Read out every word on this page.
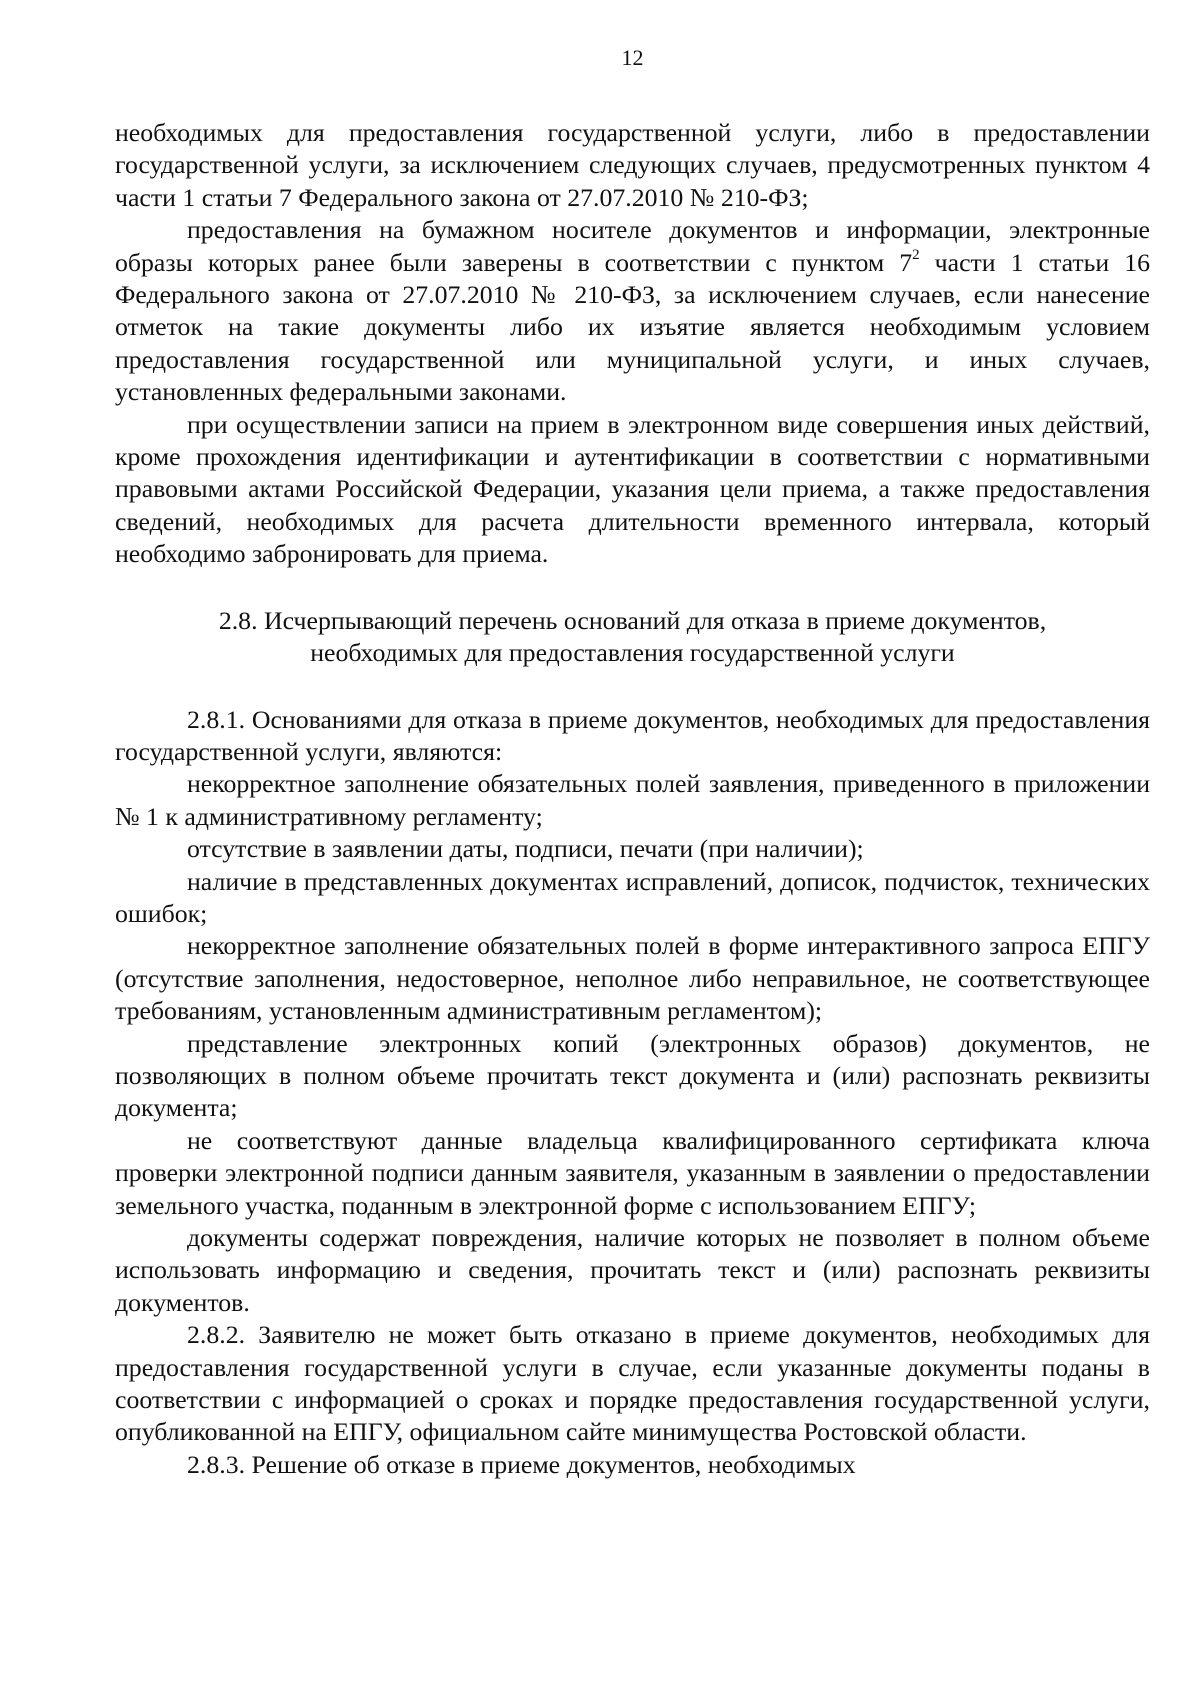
12

необходимых для предоставления государственной услуги, либо в предоставлении государственной услуги, за исключением следующих случаев, предусмотренных пунктом 4 части 1 статьи 7 Федерального закона от 27.07.2010 № 210-ФЗ;

предоставления на бумажном носителе документов и информации, электронные образы которых ранее были заверены в соответствии с пунктом $7^2$ части 1 статьи 16 Федерального закона от 27.07.2010 № 210-ФЗ, за исключением случаев, если нанесение отметок на такие документы либо их изъятие является необходимым условием предоставления государственной или муниципальной услуги, и иных случаев, установленных федеральными законами.

при осуществлении записи на прием в электронном виде совершения иных действий, кроме прохождения идентификации и аутентификации в соответствии с нормативными правовыми актами Российской Федерации, указания цели приема, а также предоставления сведений, необходимых для расчета длительности временного интервала, который необходимо забронировать для приема.

2.8. Исчерпывающий перечень оснований для отказа в приеме документов,

необходимых для предоставления государственной услуги

2.8.1. Основаниями для отказа в приеме документов, необходимых для предоставления государственной услуги, являются:

некорректное заполнение обязательных полей заявления, приведенного в приложении № 1 к административному регламенту;

отсутствие в заявлении даты, подписи, печати (при наличии);

наличие в представленных документах исправлений, дописок, подчисток, технических ошибок;

некорректное заполнение обязательных полей в форме интерактивного запроса ЕПГУ (отсутствие заполнения, недостоверное, неполное либо неправильное, не соответствующее требованиям, установленным административным регламентом);

представление электронных копий (электронных образов) документов, не позволяющих в полном объеме прочитать текст документа и (или) распознать реквизиты документа;

не соответствуют данные владельца квалифицированного сертификата ключа проверки электронной подписи данным заявителя, указанным в заявлении о предоставлении земельного участка, поданным в электронной форме с использованием ЕПГУ;

документы содержат повреждения, наличие которых не позволяет в полном объеме использовать информацию и сведения, прочитать текст и (или) распознать реквизиты документов.

2.8.2. Заявителю не может быть отказано в приеме документов, необходимых для предоставления государственной услуги в случае, если указанные документы поданы в соответствии с информацией о сроках и порядке предоставления государственной услуги, опубликованной на ЕПГУ, официальном сайте минимущества Ростовской области.

2.8.3. Решение об отказе в приеме документов, необходимых
